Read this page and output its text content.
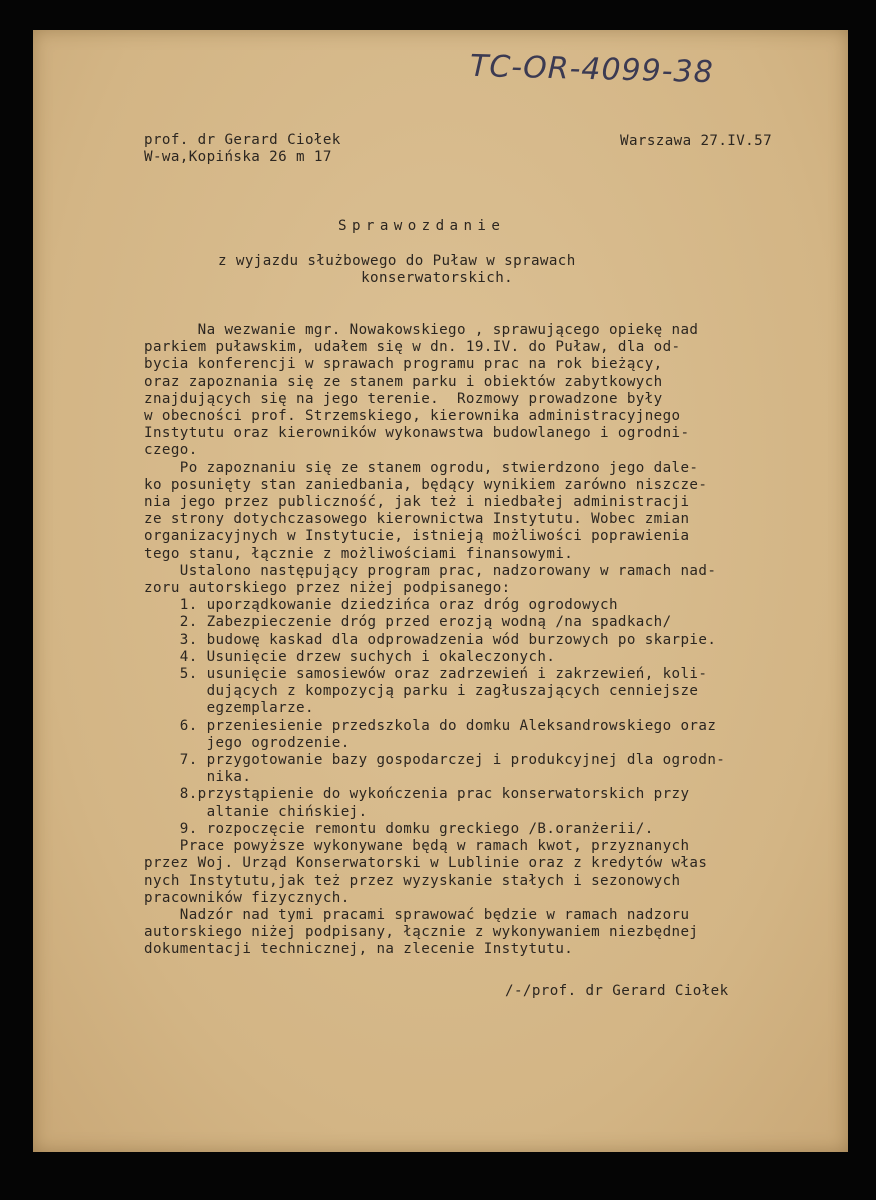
TC-OR-4099-38
prof. dr Gerard Ciołek
W-wa,Kopińska 26 m 17
Warszawa 27.IV.57
Sprawozdanie
z wyjazdu służbowego do Puław w sprawach
konserwatorskich.
Na wezwanie mgr. Nowakowskiego , sprawującego opiekę nad
parkiem puławskim, udałem się w dn. 19.IV. do Puław, dla od-
bycia konferencji w sprawach programu prac na rok bieżący,
oraz zapoznania się ze stanem parku i obiektów zabytkowych
znajdujących się na jego terenie.  Rozmowy prowadzone były
w obecności prof. Strzemskiego, kierownika administracyjnego
Instytutu oraz kierowników wykonawstwa budowlanego i ogrodni-
czego.
Po zapoznaniu się ze stanem ogrodu, stwierdzono jego dale-
ko posunięty stan zaniedbania, będący wynikiem zarówno niszcze-
nia jego przez publiczność, jak też i niedbałej administracji
ze strony dotychczasowego kierownictwa Instytutu. Wobec zmian
organizacyjnych w Instytucie, istnieją możliwości poprawienia
tego stanu, łącznie z możliwościami finansowymi.
Ustalono następujący program prac, nadzorowany w ramach nad-
zoru autorskiego przez niżej podpisanego:
1. uporządkowanie dziedzińca oraz dróg ogrodowych
2. Zabezpieczenie dróg przed erozją wodną /na spadkach/
3. budowę kaskad dla odprowadzenia wód burzowych po skarpie.
4. Usunięcie drzew suchych i okaleczonych.
5. usunięcie samosiewów oraz zadrzewień i zakrzewień, koli-
dujących z kompozycją parku i zagłuszających cenniejsze
egzemplarze.
6. przeniesienie przedszkola do domku Aleksandrowskiego oraz
jego ogrodzenie.
7. przygotowanie bazy gospodarczej i produkcyjnej dla ogrodn-
nika.
8.przystąpienie do wykończenia prac konserwatorskich przy
altanie chińskiej.
9. rozpoczęcie remontu domku greckiego /B.oranżerii/.
Prace powyższe wykonywane będą w ramach kwot, przyznanych
przez Woj. Urząd Konserwatorski w Lublinie oraz z kredytów włas
nych Instytutu,jak też przez wyzyskanie stałych i sezonowych
pracowników fizycznych.
Nadzór nad tymi pracami sprawować będzie w ramach nadzoru
autorskiego niżej podpisany, łącznie z wykonywaniem niezbędnej
dokumentacji technicznej, na zlecenie Instytutu.
/-/prof. dr Gerard Ciołek
